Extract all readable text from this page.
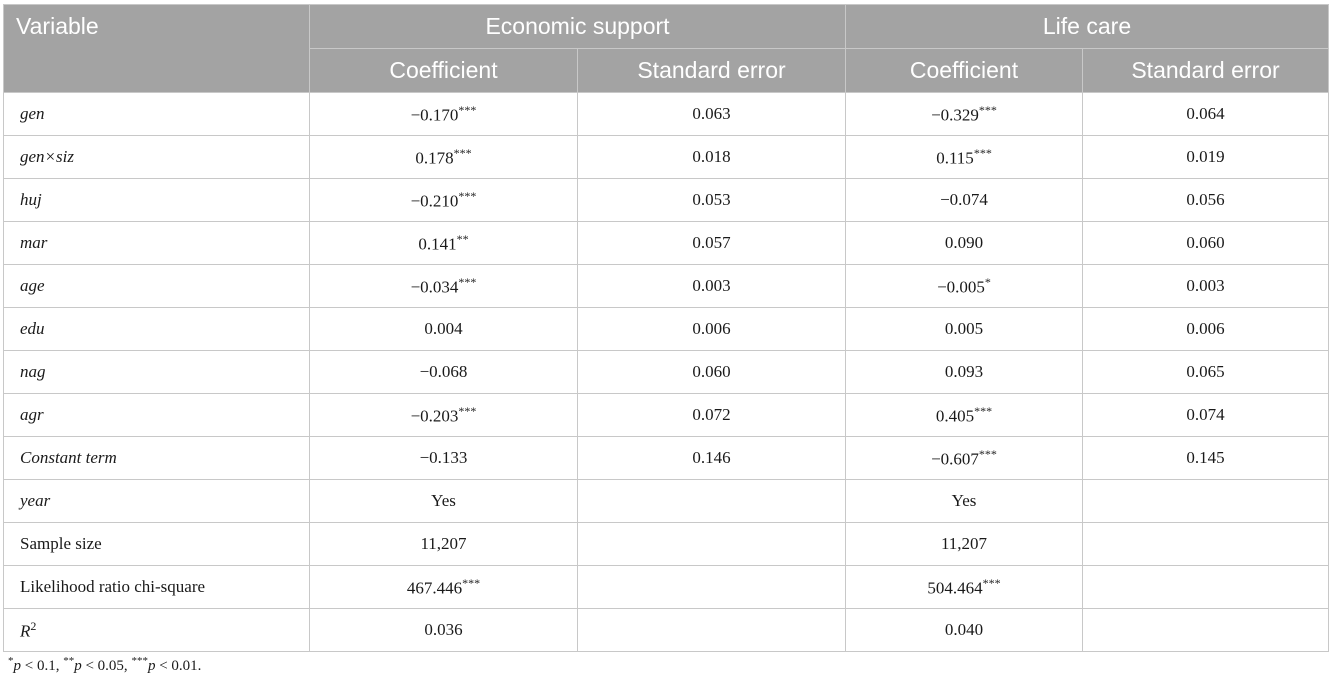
Variable	Economic support		Life care	
	Coefficient	Standard error	Coefficient	Standard error
gen	−0.170***	0.063	−0.329***	0.064
gen×siz	0.178***	0.018	0.115***	0.019
huj	−0.210***	0.053	−0.074	0.056
mar	0.141**	0.057	0.090	0.060
age	−0.034***	0.003	−0.005*	0.003
edu	0.004	0.006	0.005	0.006
nag	−0.068	0.060	0.093	0.065
agr	−0.203***	0.072	0.405***	0.074
Constant term	−0.133	0.146	−0.607***	0.145
year	Yes		Yes	
Sample size	11,207		11,207	
Likelihood ratio chi-square	467.446***		504.464***	
$R^2$	0.036		0.040	
*p < 0.1, **p < 0.05, ***p < 0.01.
